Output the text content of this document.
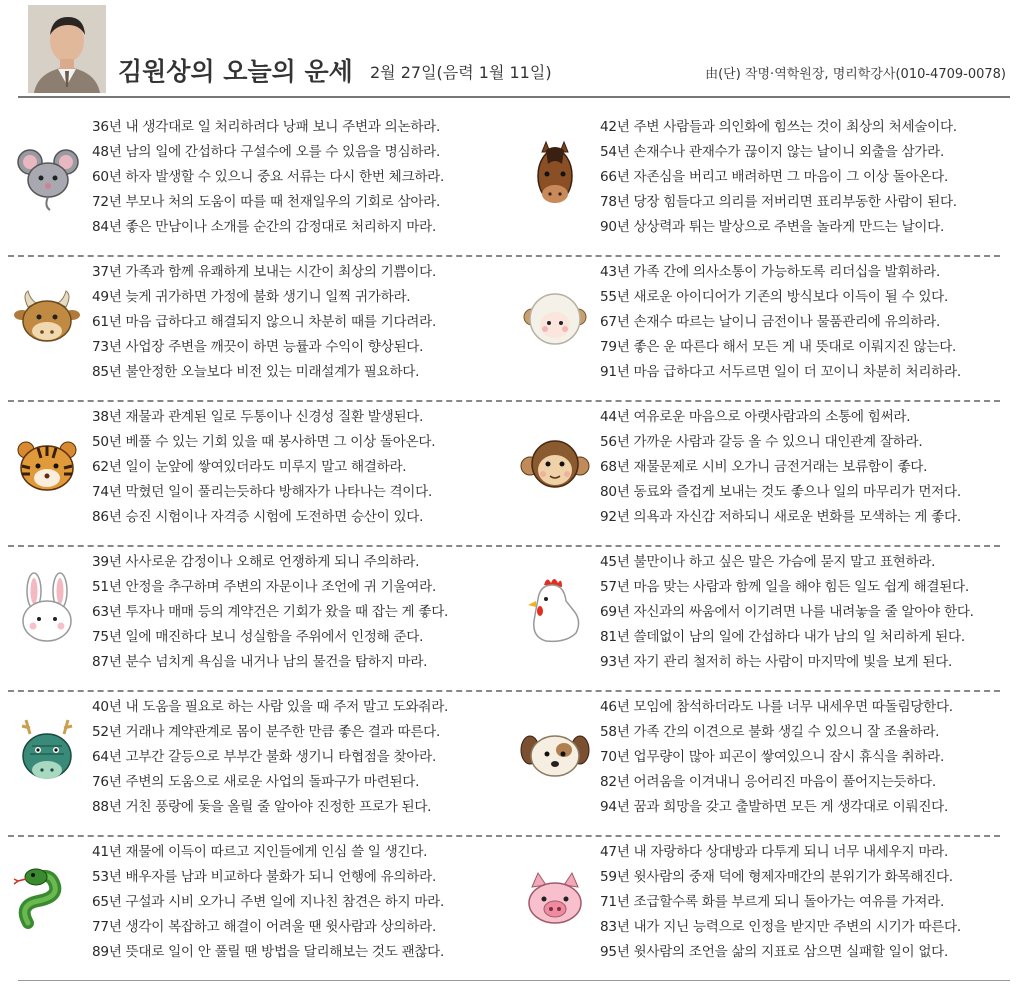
김원상의 오늘의 운세 2월 27일(음력 1월 11일)	由(단) 작명·역학원장, 명리학강사(010-4709-0078)
36년 내 생각대로 일 처리하려다 낭패 보니 주변과 의논하라.
48년 남의 일에 간섭하다 구설수에 오를 수 있음을 명심하라.
60년 하자 발생할 수 있으니 중요 서류는 다시 한번 체크하라.
72년 부모나 처의 도움이 따를 때 천재일우의 기회로 삼아라.
84년 좋은 만남이나 소개를 순간의 감정대로 처리하지 마라.
42년 주변 사람들과 의인화에 힘쓰는 것이 최상의 처세술이다.
54년 손재수나 관재수가 끊이지 않는 날이니 외출을 삼가라.
66년 자존심을 버리고 배려하면 그 마음이 그 이상 돌아온다.
78년 당장 힘들다고 의리를 저버리면 표리부동한 사람이 된다.
90년 상상력과 튀는 발상으로 주변을 놀라게 만드는 날이다.
37년 가족과 함께 유쾌하게 보내는 시간이 최상의 기쁨이다.
49년 늦게 귀가하면 가정에 불화 생기니 일찍 귀가하라.
61년 마음 급하다고 해결되지 않으니 차분히 때를 기다려라.
73년 사업장 주변을 깨끗이 하면 능률과 수익이 향상된다.
85년 불안정한 오늘보다 비전 있는 미래설계가 필요하다.
43년 가족 간에 의사소통이 가능하도록 리더십을 발휘하라.
55년 새로운 아이디어가 기존의 방식보다 이득이 될 수 있다.
67년 손재수 따르는 날이니 금전이나 물품관리에 유의하라.
79년 좋은 운 따른다 해서 모든 게 내 뜻대로 이뤄지진 않는다.
91년 마음 급하다고 서두르면 일이 더 꼬이니 차분히 처리하라.
38년 재물과 관계된 일로 두통이나 신경성 질환 발생된다.
50년 베풀 수 있는 기회 있을 때 봉사하면 그 이상 돌아온다.
62년 일이 눈앞에 쌓여있더라도 미루지 말고 해결하라.
74년 막혔던 일이 풀리는듯하다 방해자가 나타나는 격이다.
86년 승진 시험이나 자격증 시험에 도전하면 승산이 있다.
44년 여유로운 마음으로 아랫사람과의 소통에 힘써라.
56년 가까운 사람과 갈등 올 수 있으니 대인관계 잘하라.
68년 재물문제로 시비 오가니 금전거래는 보류함이 좋다.
80년 동료와 즐겁게 보내는 것도 좋으나 일의 마무리가 먼저다.
92년 의욕과 자신감 저하되니 새로운 변화를 모색하는 게 좋다.
39년 사사로운 감정이나 오해로 언쟁하게 되니 주의하라.
51년 안정을 추구하며 주변의 자문이나 조언에 귀 기울여라.
63년 투자나 매매 등의 계약건은 기회가 왔을 때 잡는 게 좋다.
75년 일에 매진하다 보니 성실함을 주위에서 인정해 준다.
87년 분수 넘치게 욕심을 내거나 남의 물건을 탐하지 마라.
45년 불만이나 하고 싶은 말은 가슴에 묻지 말고 표현하라.
57년 마음 맞는 사람과 함께 일을 해야 힘든 일도 쉽게 해결된다.
69년 자신과의 싸움에서 이기려면 나를 내려놓을 줄 알아야 한다.
81년 쓸데없이 남의 일에 간섭하다 내가 남의 일 처리하게 된다.
93년 자기 관리 철저히 하는 사람이 마지막에 빛을 보게 된다.
40년 내 도움을 필요로 하는 사람 있을 때 주저 말고 도와줘라.
52년 거래나 계약관계로 몸이 분주한 만큼 좋은 결과 따른다.
64년 고부간 갈등으로 부부간 불화 생기니 타협점을 찾아라.
76년 주변의 도움으로 새로운 사업의 돌파구가 마련된다.
88년 거친 풍랑에 돛을 올릴 줄 알아야 진정한 프로가 된다.
46년 모임에 참석하더라도 나를 너무 내세우면 따돌림당한다.
58년 가족 간의 이견으로 불화 생길 수 있으니 잘 조율하라.
70년 업무량이 많아 피곤이 쌓여있으니 잠시 휴식을 취하라.
82년 어려움을 이겨내니 응어리진 마음이 풀어지는듯하다.
94년 꿈과 희망을 갖고 출발하면 모든 게 생각대로 이뤄진다.
41년 재물에 이득이 따르고 지인들에게 인심 쓸 일 생긴다.
53년 배우자를 남과 비교하다 불화가 되니 언행에 유의하라.
65년 구설과 시비 오가니 주변 일에 지나친 참견은 하지 마라.
77년 생각이 복잡하고 해결이 어려울 땐 윗사람과 상의하라.
89년 뜻대로 일이 안 풀릴 땐 방법을 달리해보는 것도 괜찮다.
47년 내 자랑하다 상대방과 다투게 되니 너무 내세우지 마라.
59년 윗사람의 중재 덕에 형제자매간의 분위기가 화목해진다.
71년 조급할수록 화를 부르게 되니 돌아가는 여유를 가져라.
83년 내가 지닌 능력으로 인정을 받지만 주변의 시기가 따른다.
95년 윗사람의 조언을 삶의 지표로 삼으면 실패할 일이 없다.
